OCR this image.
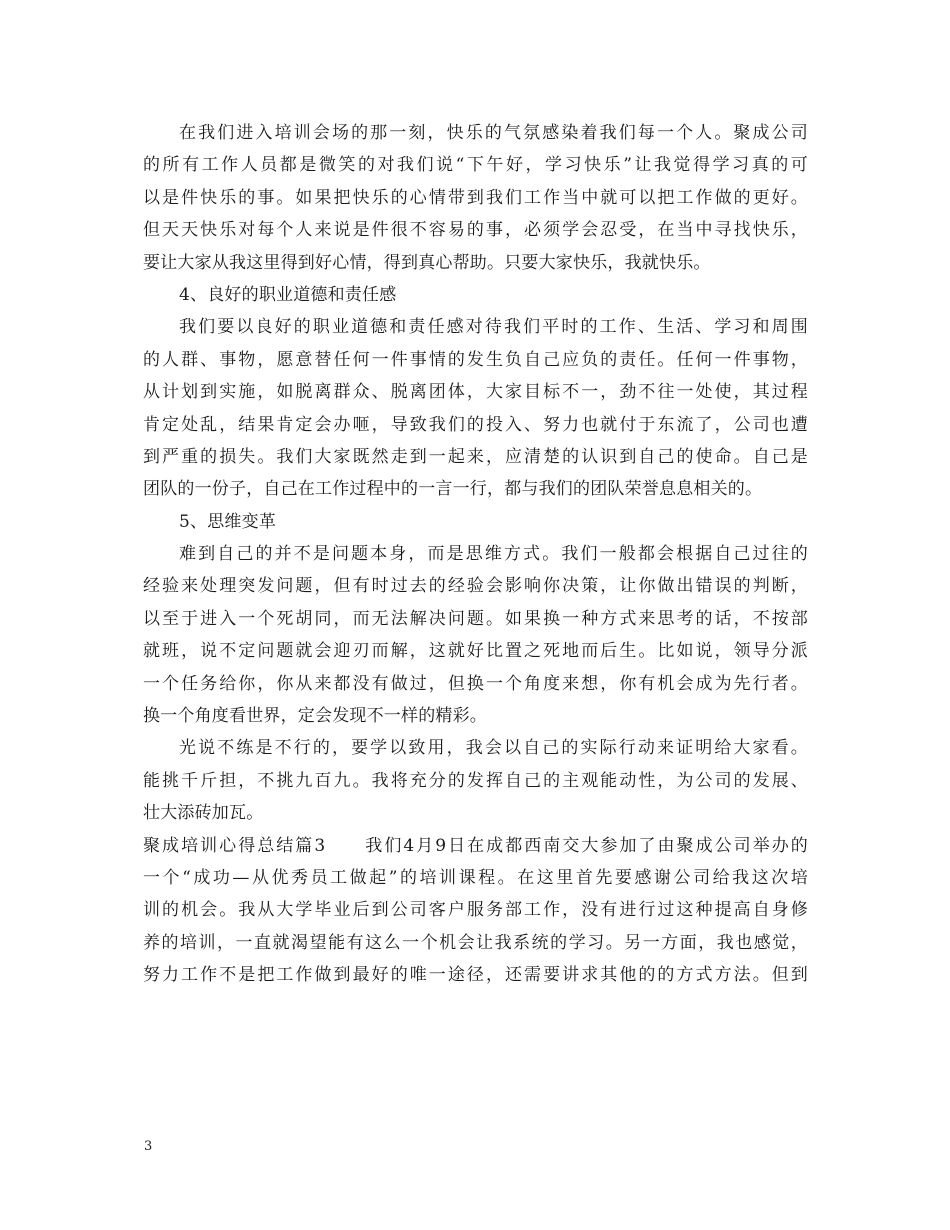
在我们进入培训会场的那一刻，快乐的气氛感染着我们每一个人。聚成公司
的所有工作人员都是微笑的对我们说“下午好，学习快乐”让我觉得学习真的可
以是件快乐的事。如果把快乐的心情带到我们工作当中就可以把工作做的更好。
但天天快乐对每个人来说是件很不容易的事，必须学会忍受，在当中寻找快乐，
要让大家从我这里得到好心情，得到真心帮助。只要大家快乐，我就快乐。
4、良好的职业道德和责任感
我们要以良好的职业道德和责任感对待我们平时的工作、生活、学习和周围
的人群、事物，愿意替任何一件事情的发生负自己应负的责任。任何一件事物，
从计划到实施，如脱离群众、脱离团体，大家目标不一，劲不往一处使，其过程
肯定处乱，结果肯定会办咂，导致我们的投入、努力也就付于东流了，公司也遭
到严重的损失。我们大家既然走到一起来，应清楚的认识到自己的使命。自己是
团队的一份子，自己在工作过程中的一言一行，都与我们的团队荣誉息息相关的。
5、思维变革
难到自己的并不是问题本身，而是思维方式。我们一般都会根据自己过往的
经验来处理突发问题，但有时过去的经验会影响你决策，让你做出错误的判断，
以至于进入一个死胡同，而无法解决问题。如果换一种方式来思考的话，不按部
就班，说不定问题就会迎刃而解，这就好比置之死地而后生。比如说，领导分派
一个任务给你，你从来都没有做过，但换一个角度来想，你有机会成为先行者。
换一个角度看世界，定会发现不一样的精彩。
光说不练是不行的，要学以致用，我会以自己的实际行动来证明给大家看。
能挑千斤担，不挑九百九。我将充分的发挥自己的主观能动性，为公司的发展、
壮大添砖加瓦。
聚成培训心得总结篇3　　我们4月9日在成都西南交大参加了由聚成公司举办的
一个“成功—从优秀员工做起”的培训课程。在这里首先要感谢公司给我这次培
训的机会。我从大学毕业后到公司客户服务部工作，没有进行过这种提高自身修
养的培训，一直就渴望能有这么一个机会让我系统的学习。另一方面，我也感觉，
努力工作不是把工作做到最好的唯一途径，还需要讲求其他的的方式方法。但到
3
